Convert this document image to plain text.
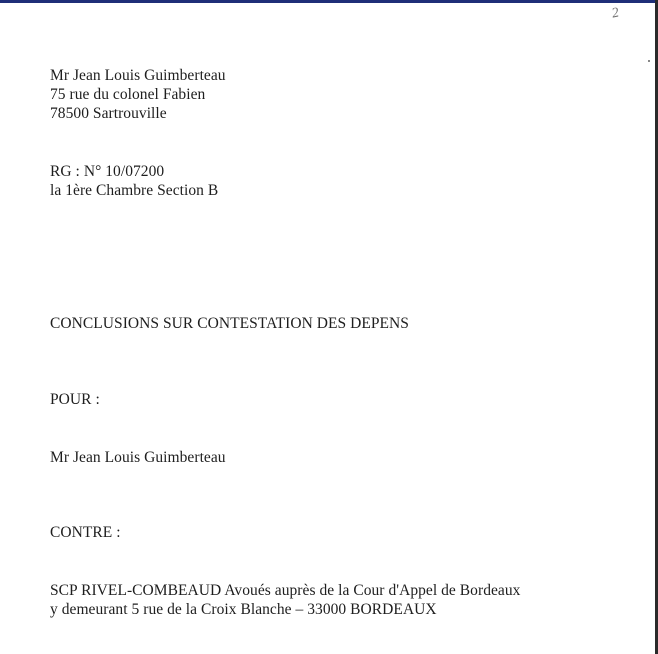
2
Mr Jean Louis Guimberteau
75 rue du colonel Fabien
78500 Sartrouville
RG : N° 10/07200
la 1ère Chambre Section B
CONCLUSIONS SUR CONTESTATION DES DEPENS
POUR :
Mr Jean Louis Guimberteau
CONTRE :
SCP RIVEL-COMBEAUD Avoués auprès de la Cour d'Appel de Bordeaux
y demeurant 5 rue de la Croix Blanche – 33000 BORDEAUX
